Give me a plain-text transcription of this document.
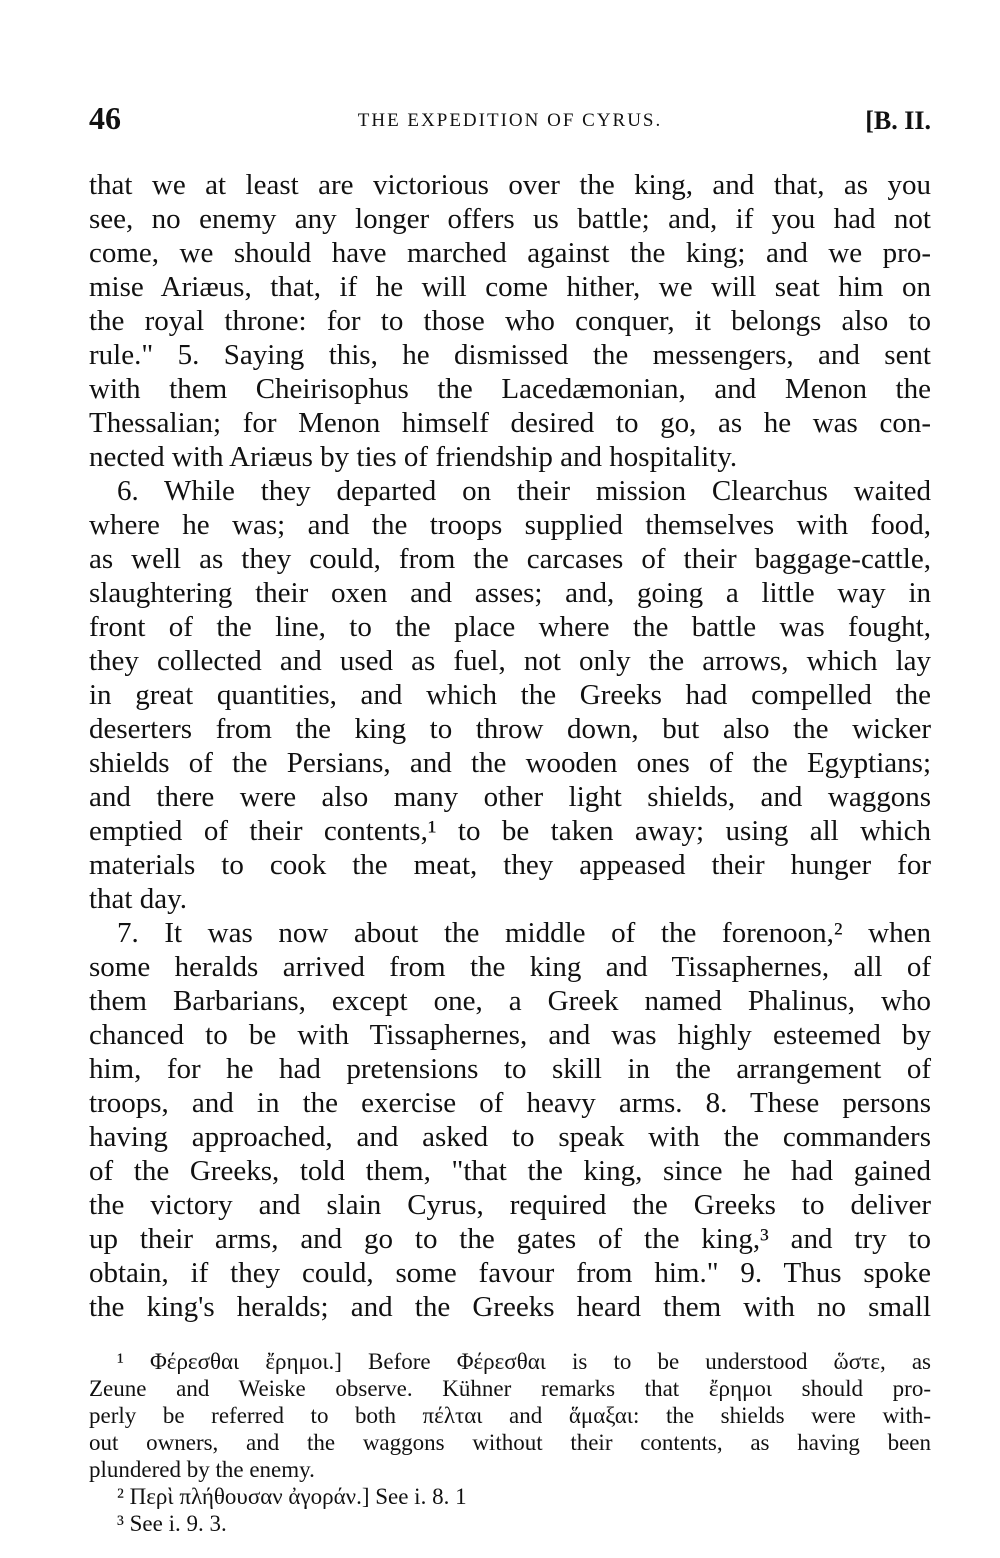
46	THE EXPEDITION OF CYRUS.	[B. II.
that we at least are victorious over the king, and that, as you
see, no enemy any longer offers us battle; and, if you had not
come, we should have marched against the king; and we pro-
mise Ariæus, that, if he will come hither, we will seat him on
the royal throne: for to those who conquer, it belongs also to
rule." 5. Saying this, he dismissed the messengers, and sent
with them Cheirisophus the Lacedæmonian, and Menon the
Thessalian; for Menon himself desired to go, as he was con-
nected with Ariæus by ties of friendship and hospitality.
6. While they departed on their mission Clearchus waited
where he was; and the troops supplied themselves with food,
as well as they could, from the carcases of their baggage-cattle,
slaughtering their oxen and asses; and, going a little way in
front of the line, to the place where the battle was fought,
they collected and used as fuel, not only the arrows, which lay
in great quantities, and which the Greeks had compelled the
deserters from the king to throw down, but also the wicker
shields of the Persians, and the wooden ones of the Egyptians;
and there were also many other light shields, and waggons
emptied of their contents,¹ to be taken away; using all which
materials to cook the meat, they appeased their hunger for
that day.
7. It was now about the middle of the forenoon,² when
some heralds arrived from the king and Tissaphernes, all of
them Barbarians, except one, a Greek named Phalinus, who
chanced to be with Tissaphernes, and was highly esteemed by
him, for he had pretensions to skill in the arrangement of
troops, and in the exercise of heavy arms. 8. These persons
having approached, and asked to speak with the commanders
of the Greeks, told them, "that the king, since he had gained
the victory and slain Cyrus, required the Greeks to deliver
up their arms, and go to the gates of the king,³ and try to
obtain, if they could, some favour from him." 9. Thus spoke
the king's heralds; and the Greeks heard them with no small
¹ Φέρεσθαι ἔρημοι.] Before Φέρεσθαι is to be understood ὥστε, as
Zeune and Weiske observe. Kühner remarks that ἔρημοι should pro-
perly be referred to both πέλται and ἅμαξαι: the shields were with-
out owners, and the waggons without their contents, as having been
plundered by the enemy.
² Περὶ πλήθουσαν ἀγοράν.] See i. 8. 1
³ See i. 9. 3.
